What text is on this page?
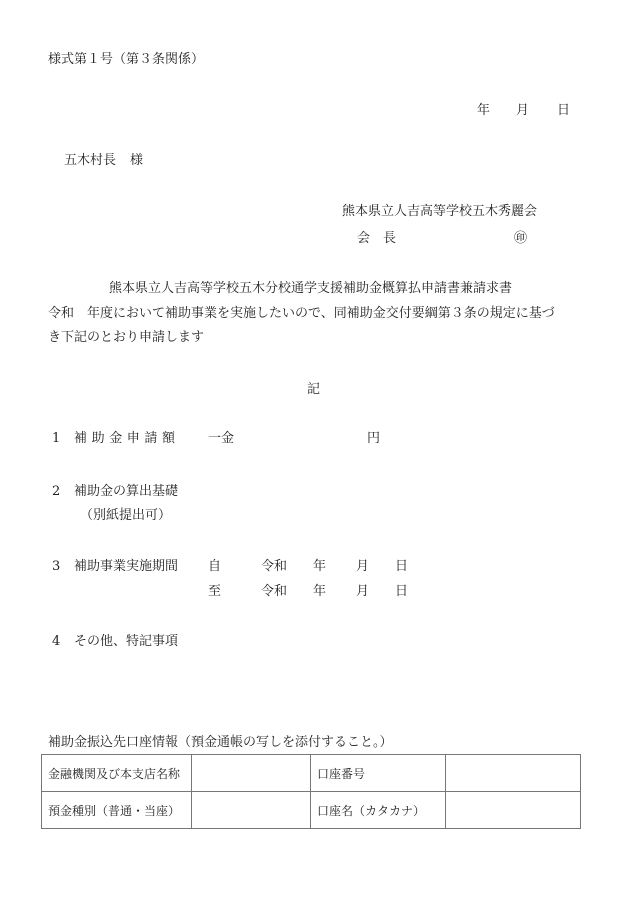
様式第１号（第３条関係）
年 月 日
五木村長 様
熊本県立人吉高等学校五木秀麗会
会　長	㊞
熊本県立人吉高等学校五木分校通学支援補助金概算払申請書兼請求書
令和　年度において補助事業を実施したいので、同補助金交付要綱第３条の規定に基づ
き下記のとおり申請します
記
1 補助金申請額 一金	円
2 補助金の算出基礎
（別紙提出可）
3 補助事業実施期間 自	令和 年 月 日
至	令和 年 月 日
4 その他、特記事項
補助金振込先口座情報（預金通帳の写しを添付すること。）
金融機関及び本支店名称		口座番号	
預金種別（普通・当座）		口座名（カタカナ）	
